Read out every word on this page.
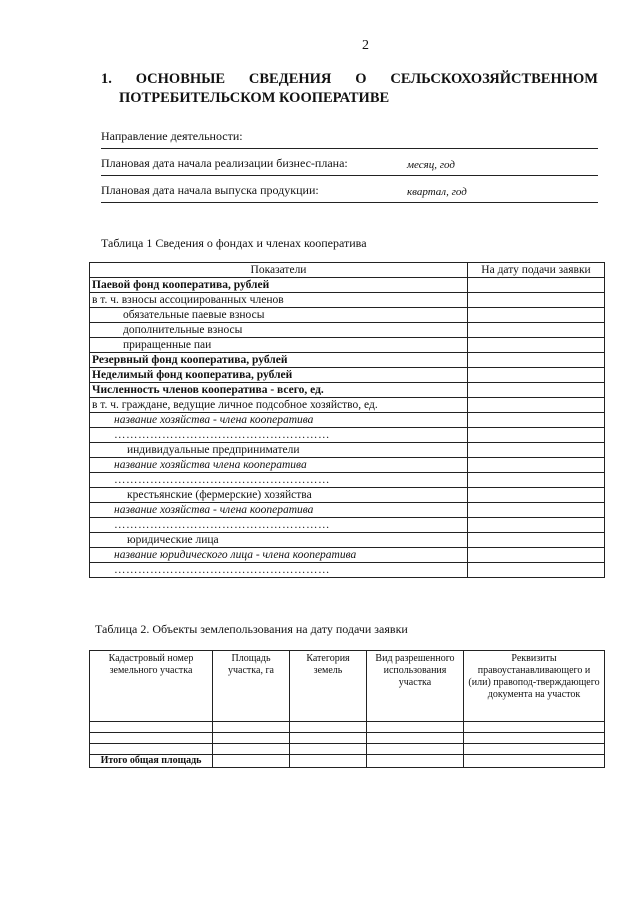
2
1. ОСНОВНЫЕ СВЕДЕНИЯ О СЕЛЬСКОХОЗЯЙСТВЕННОМ
ПОТРЕБИТЕЛЬСКОМ КООПЕРАТИВЕ
Направление деятельности:
Плановая дата начала реализации бизнес-плана:	месяц, год
Плановая дата начала выпуска продукции:	квартал, год
Таблица 1 Сведения о фондах и членах кооператива
Показатели	На дату подачи заявки
Паевой фонд кооператива, рублей	
в т. ч. взносы ассоциированных членов	
обязательные паевые взносы	
дополнительные взносы	
приращенные паи	
Резервный фонд кооператива, рублей	
Неделимый фонд кооператива, рублей	
Численность членов кооператива - всего, ед.	
в т. ч. граждане, ведущие личное подсобное хозяйство, ед.	
название хозяйства - члена кооператива	
………………………………………………	
индивидуальные предприниматели	
название хозяйства члена кооператива	
………………………………………………	
крестьянские (фермерские) хозяйства	
название хозяйства - члена кооператива	
………………………………………………	
юридические лица	
название юридического лица - члена кооператива	
………………………………………………	
Таблица 2. Объекты землепользования на дату подачи заявки
Кадастровый номер земельного участка	Площадь участка, га	Категория земель	Вид разрешенного использования участка	Реквизиты правоустанавливающего и (или) правопод-тверждающего документа на участок

Итого общая площадь				
